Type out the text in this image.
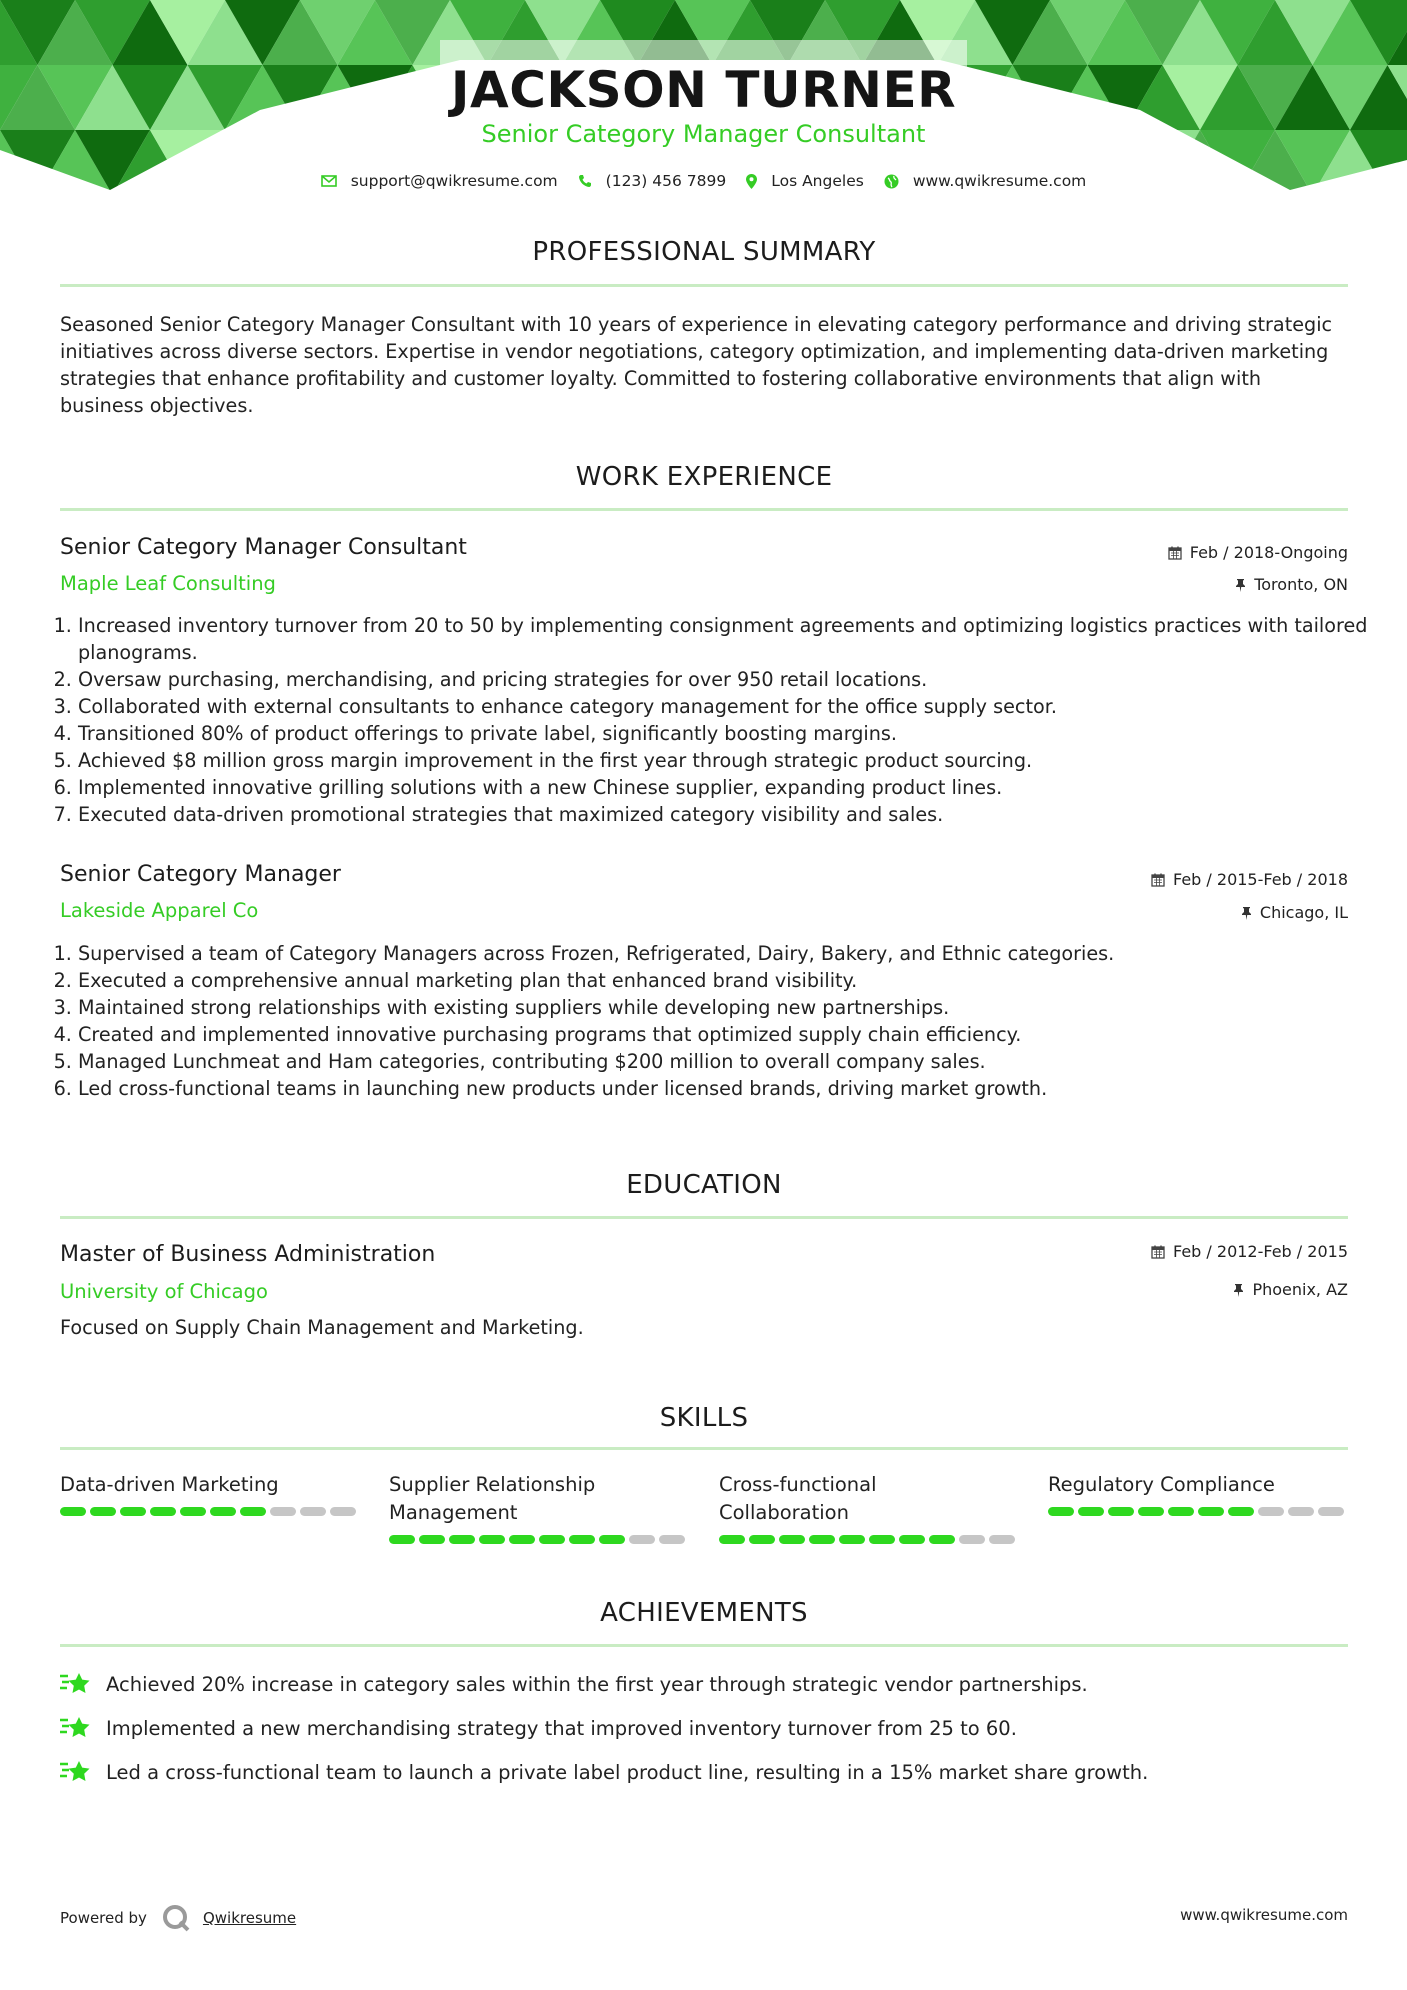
JACKSON TURNER
Senior Category Manager Consultant
support@qwikresume.com	(123) 456 7899	Los Angeles	www.qwikresume.com
PROFESSIONAL SUMMARY
Seasoned Senior Category Manager Consultant with 10 years of experience in elevating category performance and driving strategic initiatives across diverse sectors. Expertise in vendor negotiations, category optimization, and implementing data-driven marketing strategies that enhance profitability and customer loyalty. Committed to fostering collaborative environments that align with business objectives.
WORK EXPERIENCE
Senior Category Manager Consultant
Maple Leaf Consulting
Feb / 2018-Ongoing
Toronto, ON
1. Increased inventory turnover from 20 to 50 by implementing consignment agreements and optimizing logistics practices with tailored planograms.
2. Oversaw purchasing, merchandising, and pricing strategies for over 950 retail locations.
3. Collaborated with external consultants to enhance category management for the office supply sector.
4. Transitioned 80% of product offerings to private label, significantly boosting margins.
5. Achieved $8 million gross margin improvement in the first year through strategic product sourcing.
6. Implemented innovative grilling solutions with a new Chinese supplier, expanding product lines.
7. Executed data-driven promotional strategies that maximized category visibility and sales.
Senior Category Manager
Lakeside Apparel Co
Feb / 2015-Feb / 2018
Chicago, IL
1. Supervised a team of Category Managers across Frozen, Refrigerated, Dairy, Bakery, and Ethnic categories.
2. Executed a comprehensive annual marketing plan that enhanced brand visibility.
3. Maintained strong relationships with existing suppliers while developing new partnerships.
4. Created and implemented innovative purchasing programs that optimized supply chain efficiency.
5. Managed Lunchmeat and Ham categories, contributing $200 million to overall company sales.
6. Led cross-functional teams in launching new products under licensed brands, driving market growth.
EDUCATION
Master of Business Administration
University of Chicago
Feb / 2012-Feb / 2015
Phoenix, AZ
Focused on Supply Chain Management and Marketing.
SKILLS
Data-driven Marketing	Supplier Relationship Management
Cross-functional Collaboration
Regulatory Compliance
ACHIEVEMENTS
Achieved 20% increase in category sales within the first year through strategic vendor partnerships.
Implemented a new merchandising strategy that improved inventory turnover from 25 to 60.
Led a cross-functional team to launch a private label product line, resulting in a 15% market share growth.
Powered by	Qwikresume	www.qwikresume.com
